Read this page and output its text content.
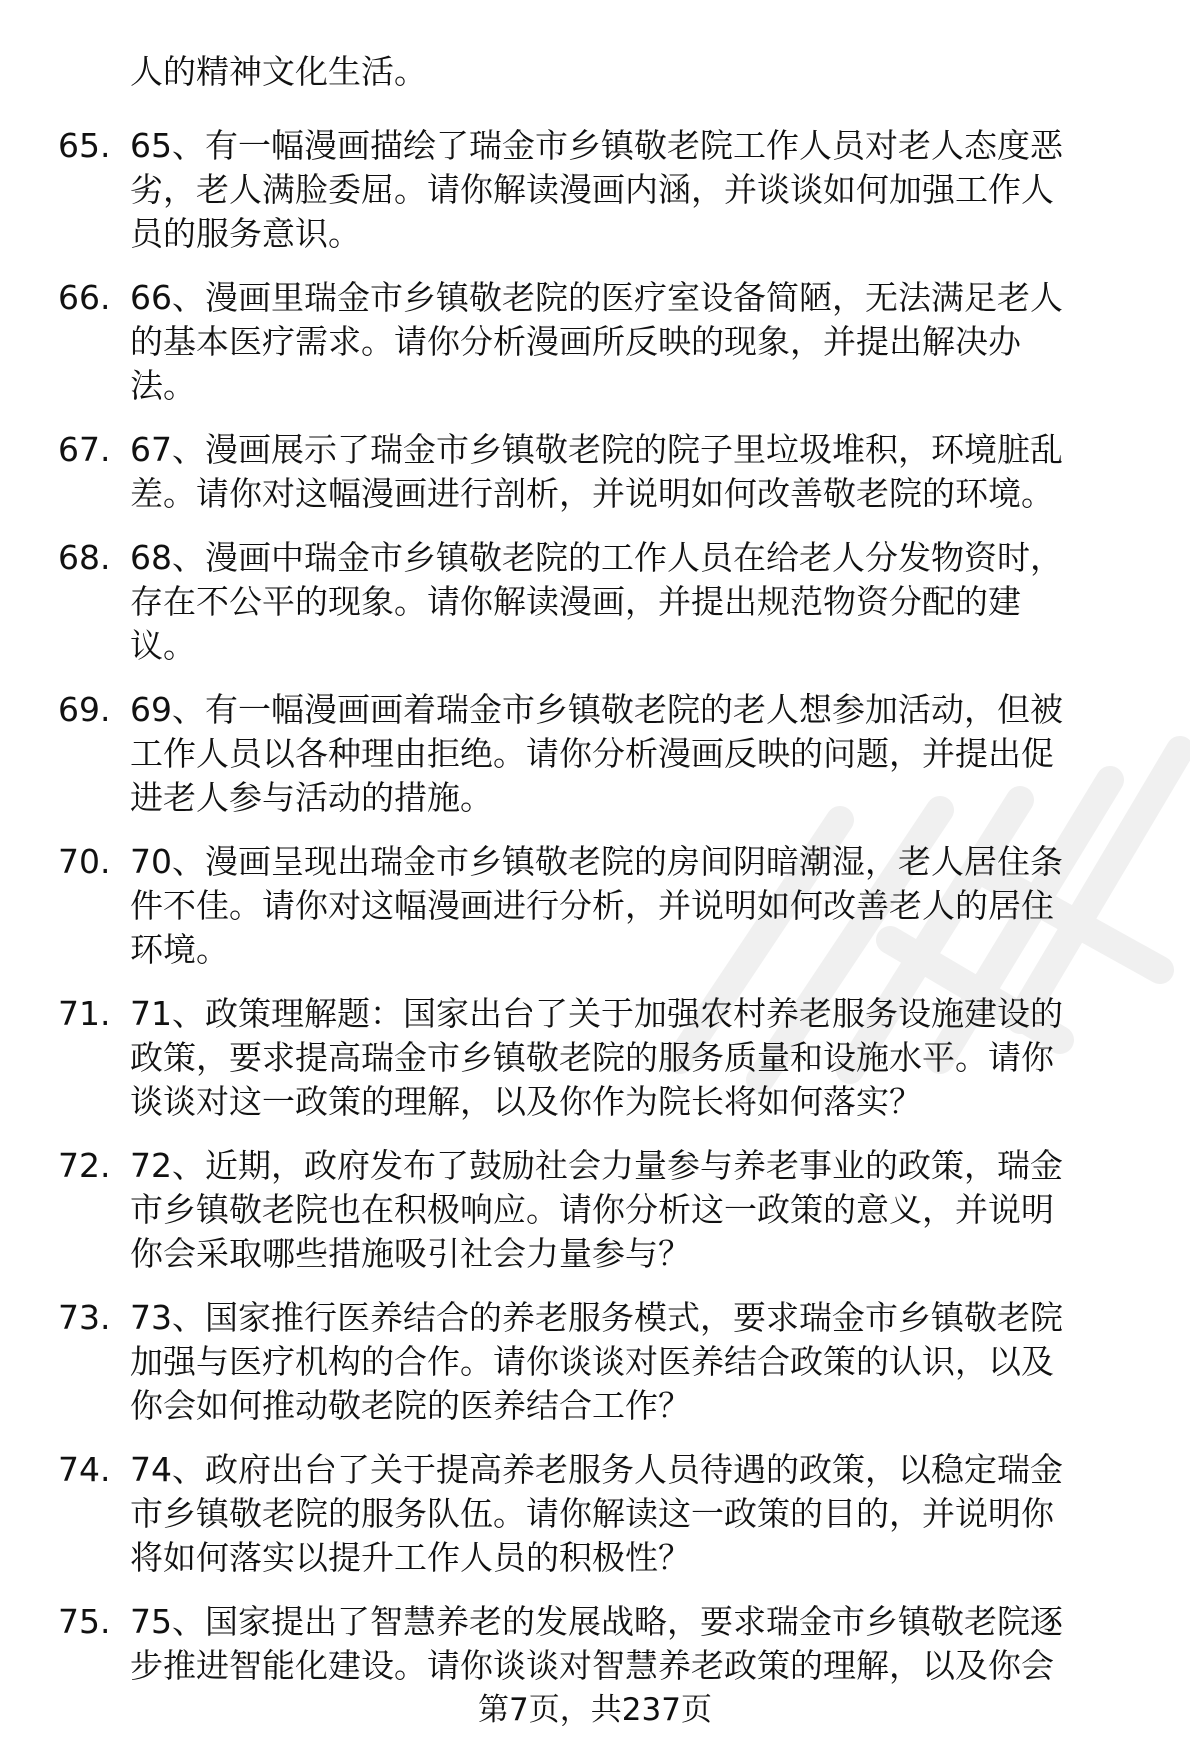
人的精神文化生活。

65. 65、有一幅漫画描绘了瑞金市乡镇敬老院工作人员对老人态度恶
劣，老人满脸委屈。请你解读漫画内涵，并谈谈如何加强工作人
员的服务意识。
66. 66、漫画里瑞金市乡镇敬老院的医疗室设备简陋，无法满足老人
的基本医疗需求。请你分析漫画所反映的现象，并提出解决办
法。
67. 67、漫画展示了瑞金市乡镇敬老院的院子里垃圾堆积，环境脏乱
差。请你对这幅漫画进行剖析，并说明如何改善敬老院的环境。
68. 68、漫画中瑞金市乡镇敬老院的工作人员在给老人分发物资时，
存在不公平的现象。请你解读漫画，并提出规范物资分配的建
议。
69. 69、有一幅漫画画着瑞金市乡镇敬老院的老人想参加活动，但被
工作人员以各种理由拒绝。请你分析漫画反映的问题，并提出促
进老人参与活动的措施。
70. 70、漫画呈现出瑞金市乡镇敬老院的房间阴暗潮湿，老人居住条
件不佳。请你对这幅漫画进行分析，并说明如何改善老人的居住
环境。
71. 71、政策理解题：国家出台了关于加强农村养老服务设施建设的
政策，要求提高瑞金市乡镇敬老院的服务质量和设施水平。请你
谈谈对这一政策的理解，以及你作为院长将如何落实？
72. 72、近期，政府发布了鼓励社会力量参与养老事业的政策，瑞金
市乡镇敬老院也在积极响应。请你分析这一政策的意义，并说明
你会采取哪些措施吸引社会力量参与？
73. 73、国家推行医养结合的养老服务模式，要求瑞金市乡镇敬老院
加强与医疗机构的合作。请你谈谈对医养结合政策的认识，以及
你会如何推动敬老院的医养结合工作？
74. 74、政府出台了关于提高养老服务人员待遇的政策，以稳定瑞金
市乡镇敬老院的服务队伍。请你解读这一政策的目的，并说明你
将如何落实以提升工作人员的积极性？
75. 75、国家提出了智慧养老的发展战略，要求瑞金市乡镇敬老院逐
步推进智能化建设。请你谈谈对智慧养老政策的理解，以及你会

第7页，共237页
